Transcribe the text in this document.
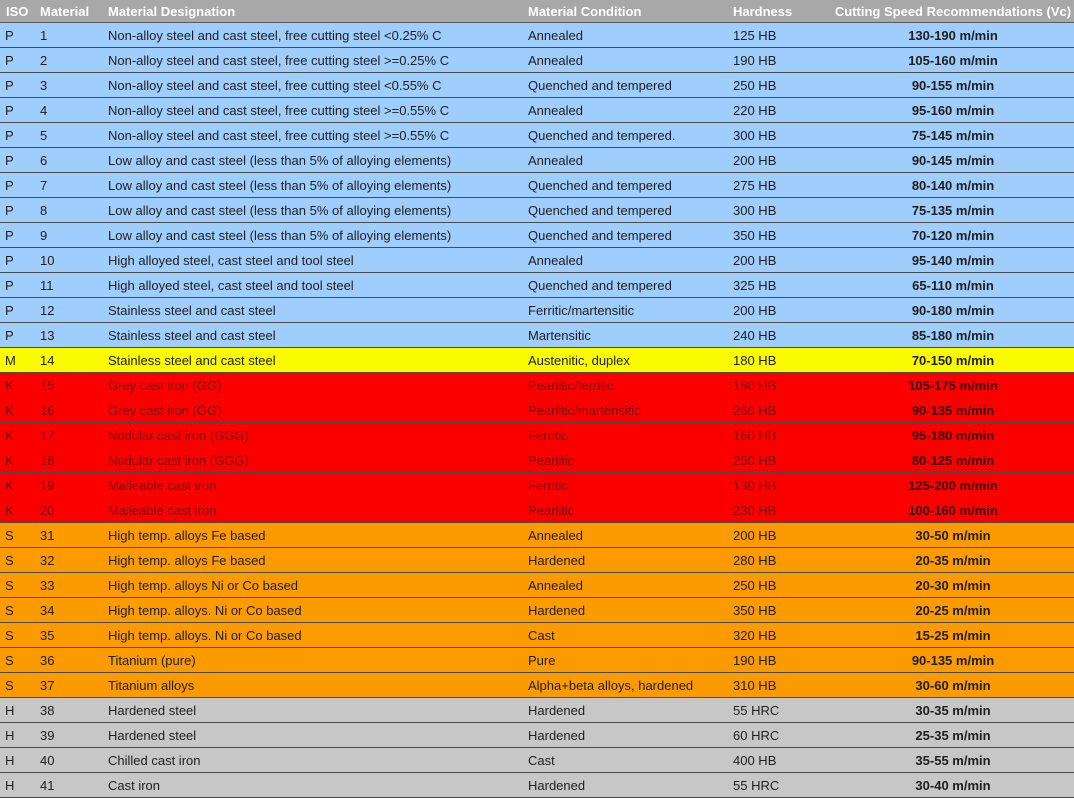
ISO	Material	Material Designation	Material Condition	Hardness	Cutting Speed Recommendations (Vc)
P	1	Non-alloy steel and cast steel, free cutting steel <0.25% C	Annealed	125 HB	130-190 m/min
P	2	Non-alloy steel and cast steel, free cutting steel >=0.25% C	Annealed	190 HB	105-160 m/min
P	3	Non-alloy steel and cast steel, free cutting steel <0.55% C	Quenched and tempered	250 HB	90-155 m/min
P	4	Non-alloy steel and cast steel, free cutting steel >=0.55% C	Annealed	220 HB	95-160 m/min
P	5	Non-alloy steel and cast steel, free cutting steel >=0.55% C	Quenched and tempered.	300 HB	75-145 m/min
P	6	Low alloy and cast steel (less than 5% of alloying elements)	Annealed	200 HB	90-145 m/min
P	7	Low alloy and cast steel (less than 5% of alloying elements)	Quenched and tempered	275 HB	80-140 m/min
P	8	Low alloy and cast steel (less than 5% of alloying elements)	Quenched and tempered	300 HB	75-135 m/min
P	9	Low alloy and cast steel (less than 5% of alloying elements)	Quenched and tempered	350 HB	70-120 m/min
P	10	High alloyed steel, cast steel and tool steel	Annealed	200 HB	95-140 m/min
P	11	High alloyed steel, cast steel and tool steel	Quenched and tempered	325 HB	65-110 m/min
P	12	Stainless steel and cast steel	Ferritic/martensitic	200 HB	90-180 m/min
P	13	Stainless steel and cast steel	Martensitic	240 HB	85-180 m/min
M	14	Stainless steel and cast steel	Austenitic, duplex	180 HB	70-150 m/min
K	15	Grey cast iron (GG)	Pearlitic/ferritic	180 HB	105-175 m/min
K	16	Grey cast iron (GG)	Pearlitic/martensitic	260 HB	90-135 m/min
K	17	Nodular cast iron (GGG)	Ferritic	160 HB	95-180 m/min
K	18	Nodular cast iron (GGG)	Pearlitic	250 HB	80-125 m/min
K	19	Malleable cast iron	Ferritic	130 HB	125-200 m/min
K	20	Malleable cast iron	Pearlitic	230 HB	100-160 m/min
S	31	High temp. alloys Fe based	Annealed	200 HB	30-50 m/min
S	32	High temp. alloys Fe based	Hardened	280 HB	20-35 m/min
S	33	High temp. alloys Ni or Co based	Annealed	250 HB	20-30 m/min
S	34	High temp. alloys. Ni or Co based	Hardened	350 HB	20-25 m/min
S	35	High temp. alloys. Ni or Co based	Cast	320 HB	15-25 m/min
S	36	Titanium (pure)	Pure	190 HB	90-135 m/min
S	37	Titanium alloys	Alpha+beta alloys, hardened	310 HB	30-60 m/min
H	38	Hardened steel	Hardened	55 HRC	30-35 m/min
H	39	Hardened steel	Hardened	60 HRC	25-35 m/min
H	40	Chilled cast iron	Cast	400 HB	35-55 m/min
H	41	Cast iron	Hardened	55 HRC	30-40 m/min
